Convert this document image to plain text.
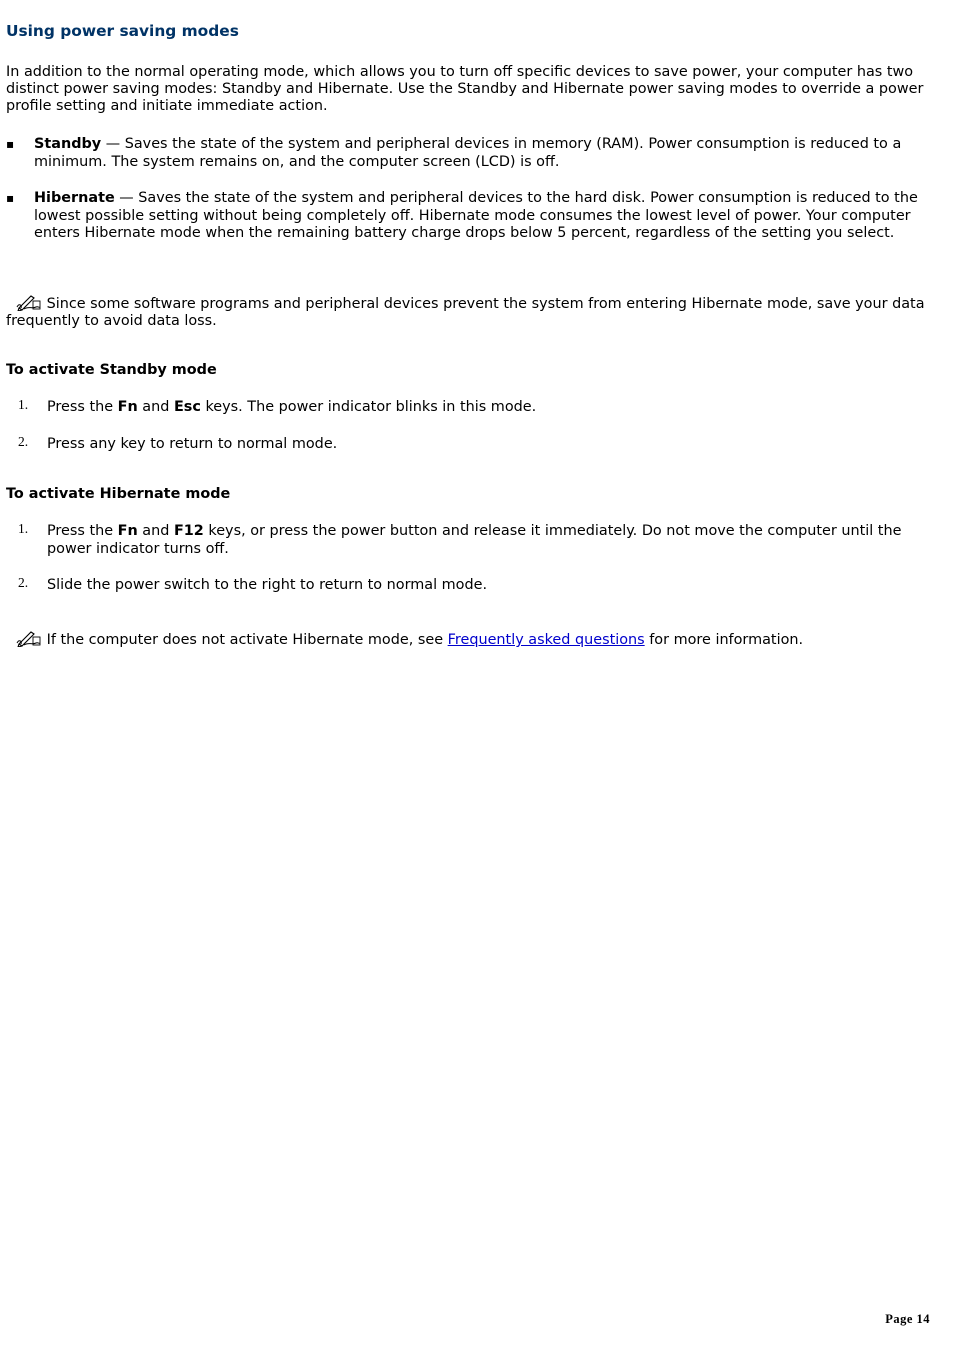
Using power saving modes

In addition to the normal operating mode, which allows you to turn off specific devices to save power, your computer has two distinct power saving modes: Standby and Hibernate. Use the Standby and Hibernate power saving modes to override a power profile setting and initiate immediate action.

▪ Standby — Saves the state of the system and peripheral devices in memory (RAM). Power consumption is reduced to a minimum. The system remains on, and the computer screen (LCD) is off.
▪ Hibernate — Saves the state of the system and peripheral devices to the hard disk. Power consumption is reduced to the lowest possible setting without being completely off. Hibernate mode consumes the lowest level of power. Your computer enters Hibernate mode when the remaining battery charge drops below 5 percent, regardless of the setting you select.
Since some software programs and peripheral devices prevent the system from entering Hibernate mode, save your data frequently to avoid data loss.
To activate Standby mode
1. Press the Fn and Esc keys. The power indicator blinks in this mode.
2. Press any key to return to normal mode.
To activate Hibernate mode
1. Press the Fn and F12 keys, or press the power button and release it immediately. Do not move the computer until the power indicator turns off.
2. Slide the power switch to the right to return to normal mode.
If the computer does not activate Hibernate mode, see Frequently asked questions for more information.
Page 14
